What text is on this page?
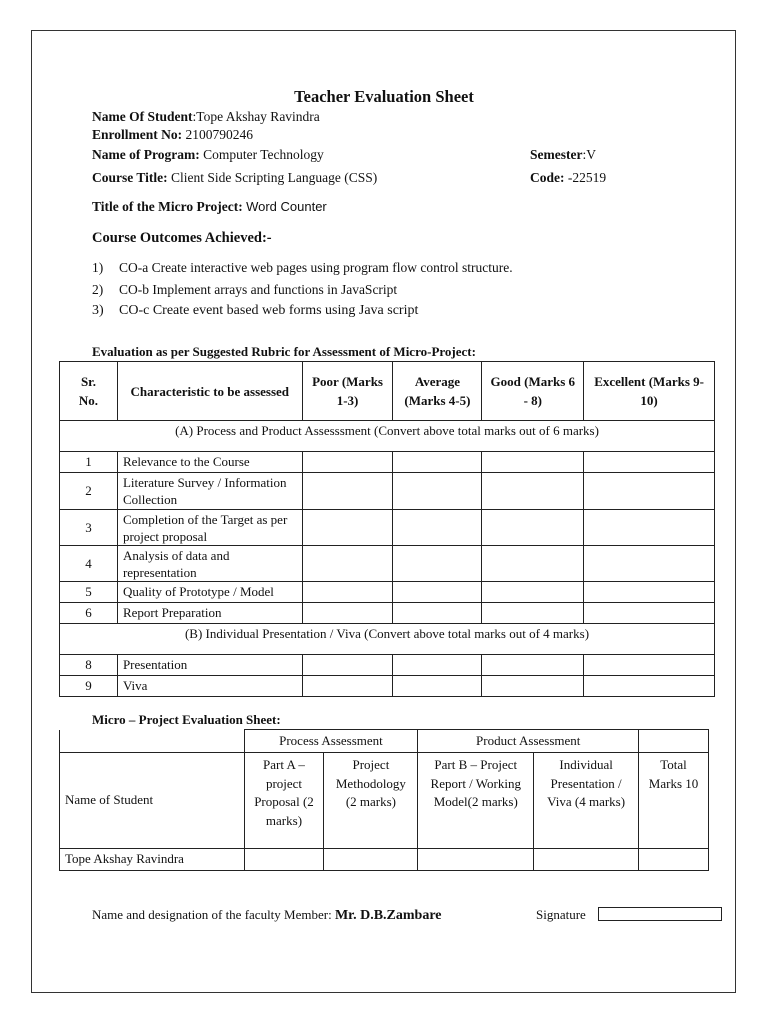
Teacher Evaluation Sheet
Name Of Student:Tope Akshay Ravindra
Enrollment No: 2100790246
Name of Program: Computer Technology	Semester:V
Course Title: Client Side Scripting Language (CSS)	Code: -22519
Title of the Micro Project: Word Counter
Course Outcomes Achieved:-
1) CO-a Create interactive web pages using program flow control structure.
2) CO-b Implement arrays and functions in JavaScript
3) CO-c Create event based web forms using Java script
Evaluation as per Suggested Rubric for Assessment of Micro-Project:
Sr. No.	Characteristic to be assessed	Poor (Marks 1-3)	Average (Marks 4-5)	Good (Marks 6 - 8)	Excellent (Marks 9-10)
(A) Process and Product Assesssment (Convert above total marks out of 6 marks)					
1	Relevance to the Course				
2	Literature Survey / Information Collection				
3	Completion of the Target as per project proposal				
4	Analysis of data and representation				
5	Quality of Prototype / Model				
6	Report Preparation				
(B) Individual Presentation / Viva (Convert above total marks out of 4 marks)					
8	Presentation				
9	Viva				
Micro – Project Evaluation Sheet:
	Process Assessment		Product Assessment		
Name of Student	Part A – project Proposal (2 marks)	Project Methodology (2 marks)	Part B – Project Report / Working Model(2 marks)	Individual Presentation / Viva (4 marks)	Total Marks 10
Tope Akshay Ravindra					
Name and designation of the faculty Member: Mr. D.B.Zambare	Signature
